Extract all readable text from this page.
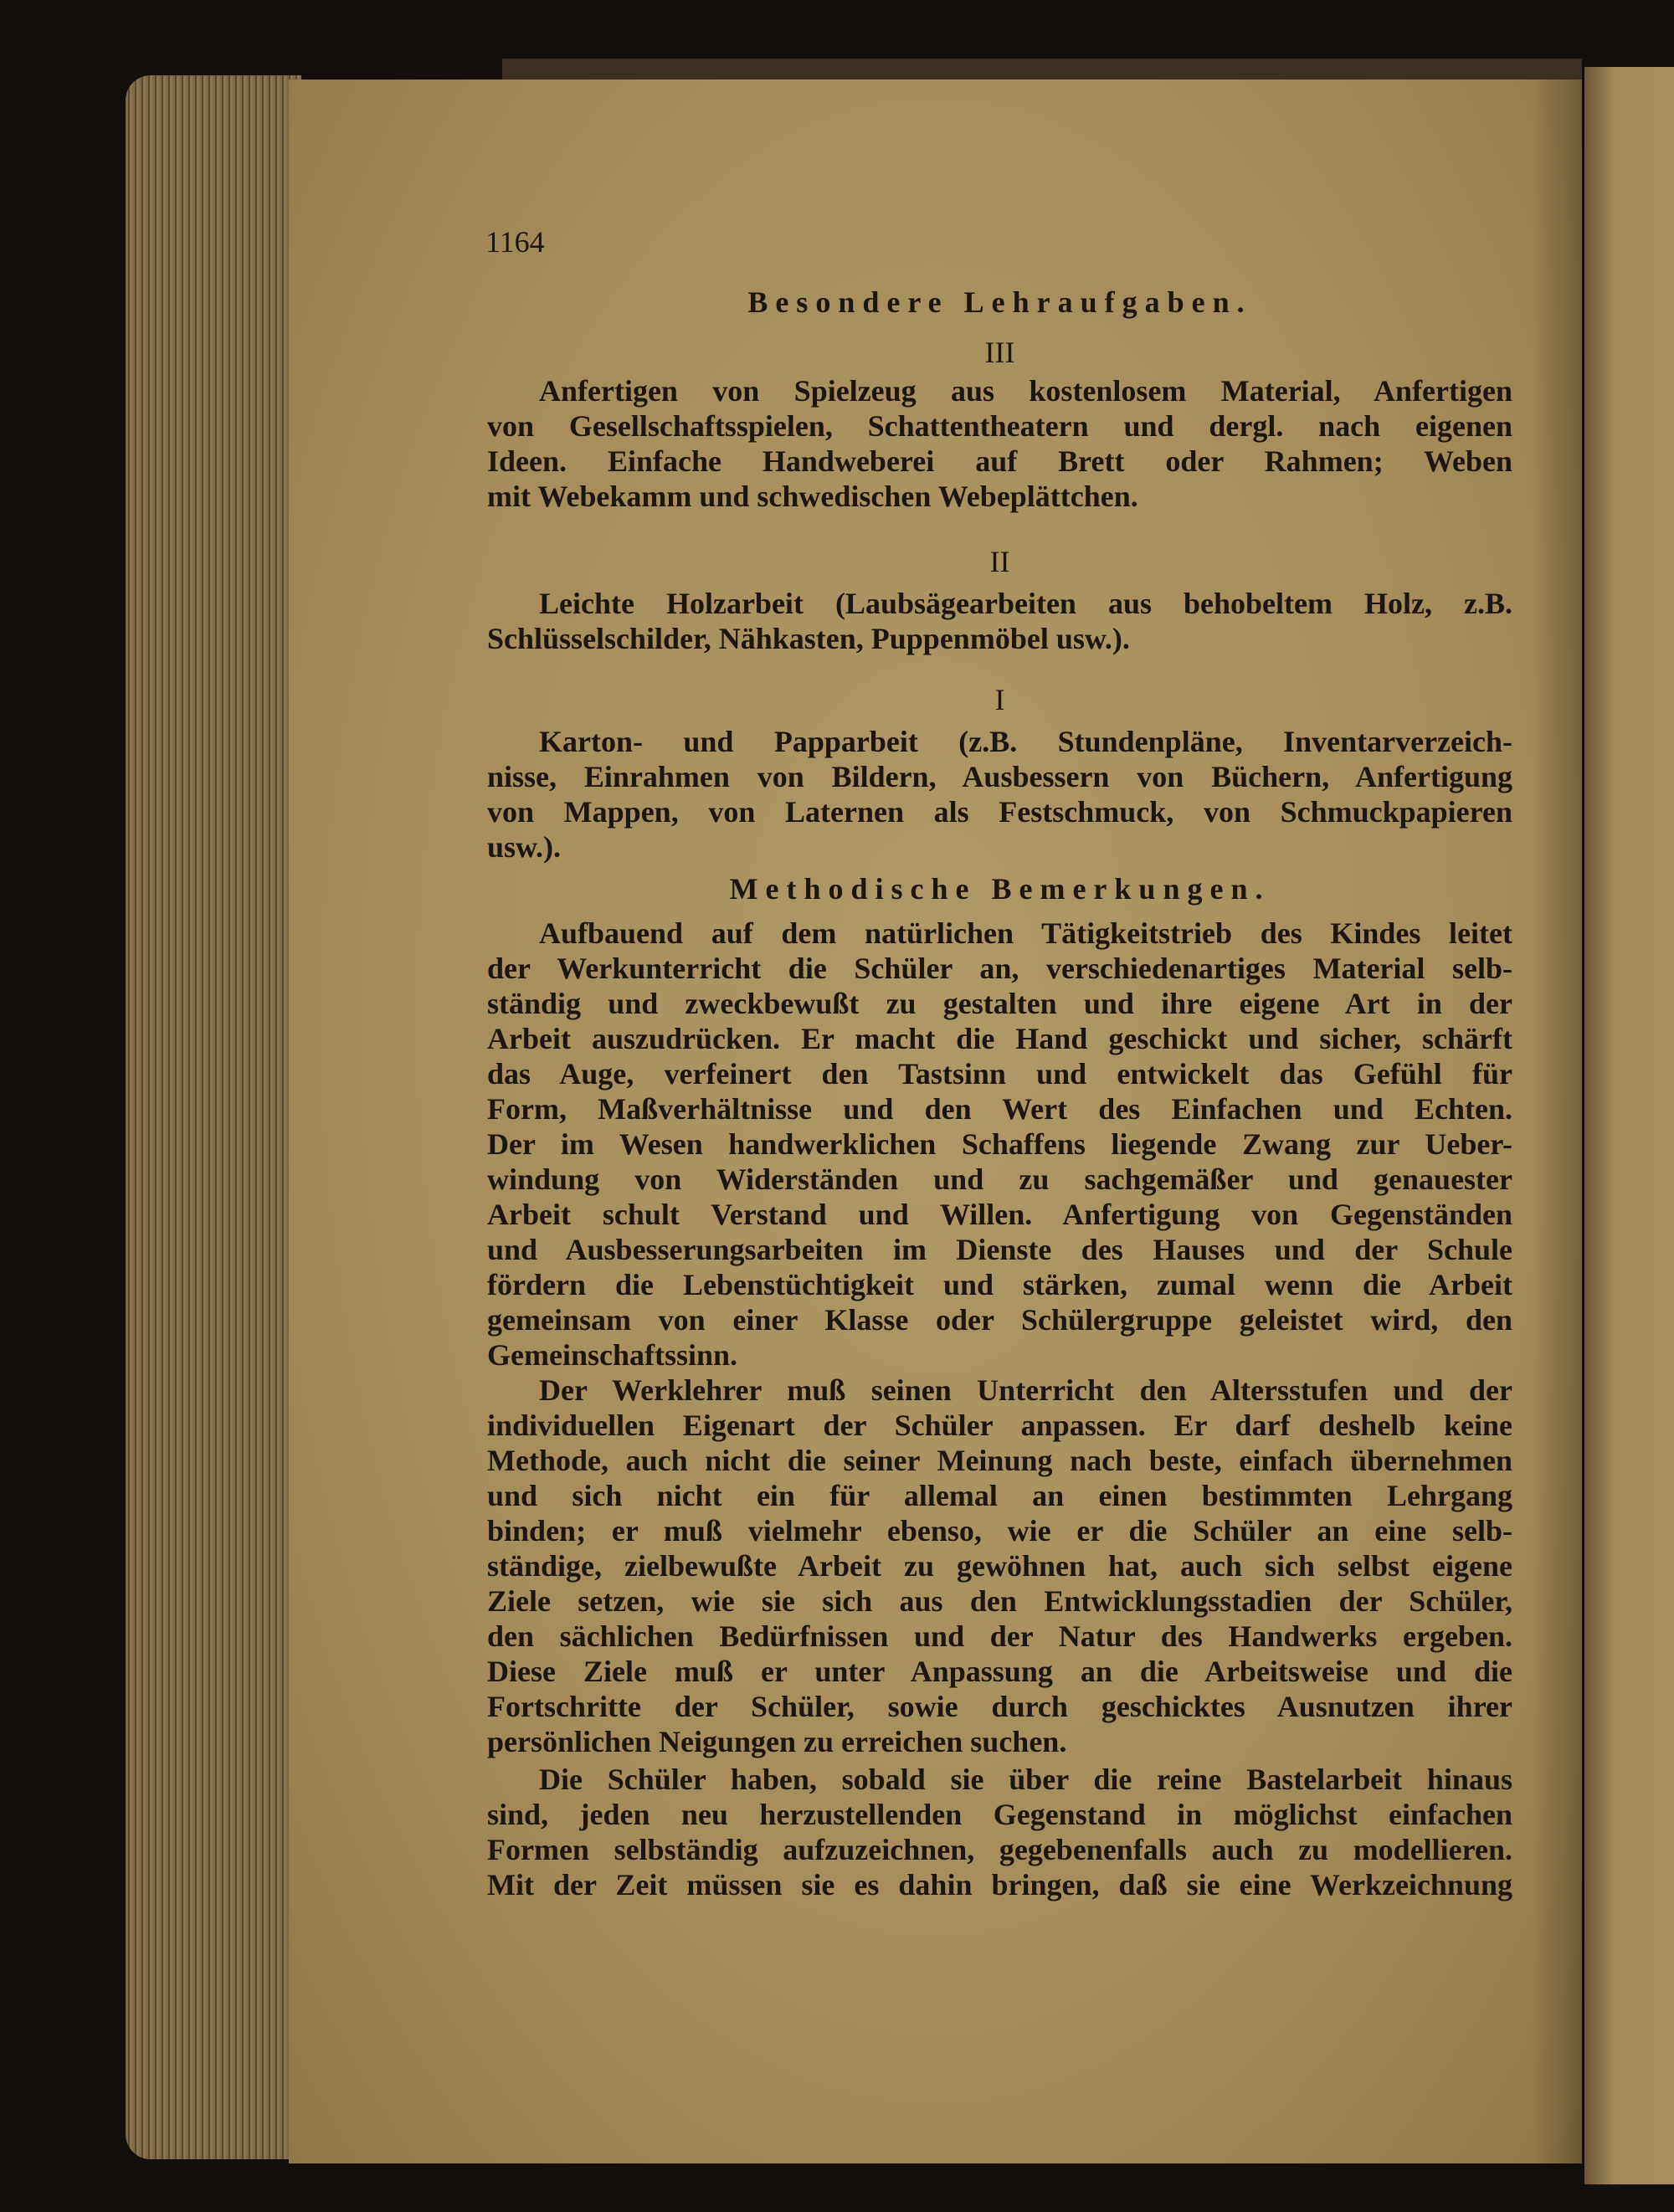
1164
Besondere Lehraufgaben.
III
Anfertigen von Spielzeug aus kostenlosem Material, Anfertigen
von Gesellschaftsspielen, Schattentheatern und dergl. nach eigenen
Ideen. Einfache Handweberei auf Brett oder Rahmen; Weben
mit Webekamm und schwedischen Webeplättchen.
II
Leichte Holzarbeit (Laubsägearbeiten aus behobeltem Holz, z.B.
Schlüsselschilder, Nähkasten, Puppenmöbel usw.).
I
Karton- und Papparbeit (z.B. Stundenpläne, Inventarverzeich-
nisse, Einrahmen von Bildern, Ausbessern von Büchern, Anfertigung
von Mappen, von Laternen als Festschmuck, von Schmuckpapieren
usw.).
Methodische Bemerkungen.
Aufbauend auf dem natürlichen Tätigkeitstrieb des Kindes leitet
der Werkunterricht die Schüler an, verschiedenartiges Material selb-
ständig und zweckbewußt zu gestalten und ihre eigene Art in der
Arbeit auszudrücken. Er macht die Hand geschickt und sicher, schärft
das Auge, verfeinert den Tastsinn und entwickelt das Gefühl für
Form, Maßverhältnisse und den Wert des Einfachen und Echten.
Der im Wesen handwerklichen Schaffens liegende Zwang zur Ueber-
windung von Widerständen und zu sachgemäßer und genauester
Arbeit schult Verstand und Willen. Anfertigung von Gegenständen
und Ausbesserungsarbeiten im Dienste des Hauses und der Schule
fördern die Lebenstüchtigkeit und stärken, zumal wenn die Arbeit
gemeinsam von einer Klasse oder Schülergruppe geleistet wird, den
Gemeinschaftssinn.
Der Werklehrer muß seinen Unterricht den Altersstufen und der
individuellen Eigenart der Schüler anpassen. Er darf deshelb keine
Methode, auch nicht die seiner Meinung nach beste, einfach übernehmen
und sich nicht ein für allemal an einen bestimmten Lehrgang
binden; er muß vielmehr ebenso, wie er die Schüler an eine selb-
ständige, zielbewußte Arbeit zu gewöhnen hat, auch sich selbst eigene
Ziele setzen, wie sie sich aus den Entwicklungsstadien der Schüler,
den sächlichen Bedürfnissen und der Natur des Handwerks ergeben.
Diese Ziele muß er unter Anpassung an die Arbeitsweise und die
Fortschritte der Schüler, sowie durch geschicktes Ausnutzen ihrer
persönlichen Neigungen zu erreichen suchen.
Die Schüler haben, sobald sie über die reine Bastelarbeit hinaus
sind, jeden neu herzustellenden Gegenstand in möglichst einfachen
Formen selbständig aufzuzeichnen, gegebenenfalls auch zu modellieren.
Mit der Zeit müssen sie es dahin bringen, daß sie eine Werkzeichnung
